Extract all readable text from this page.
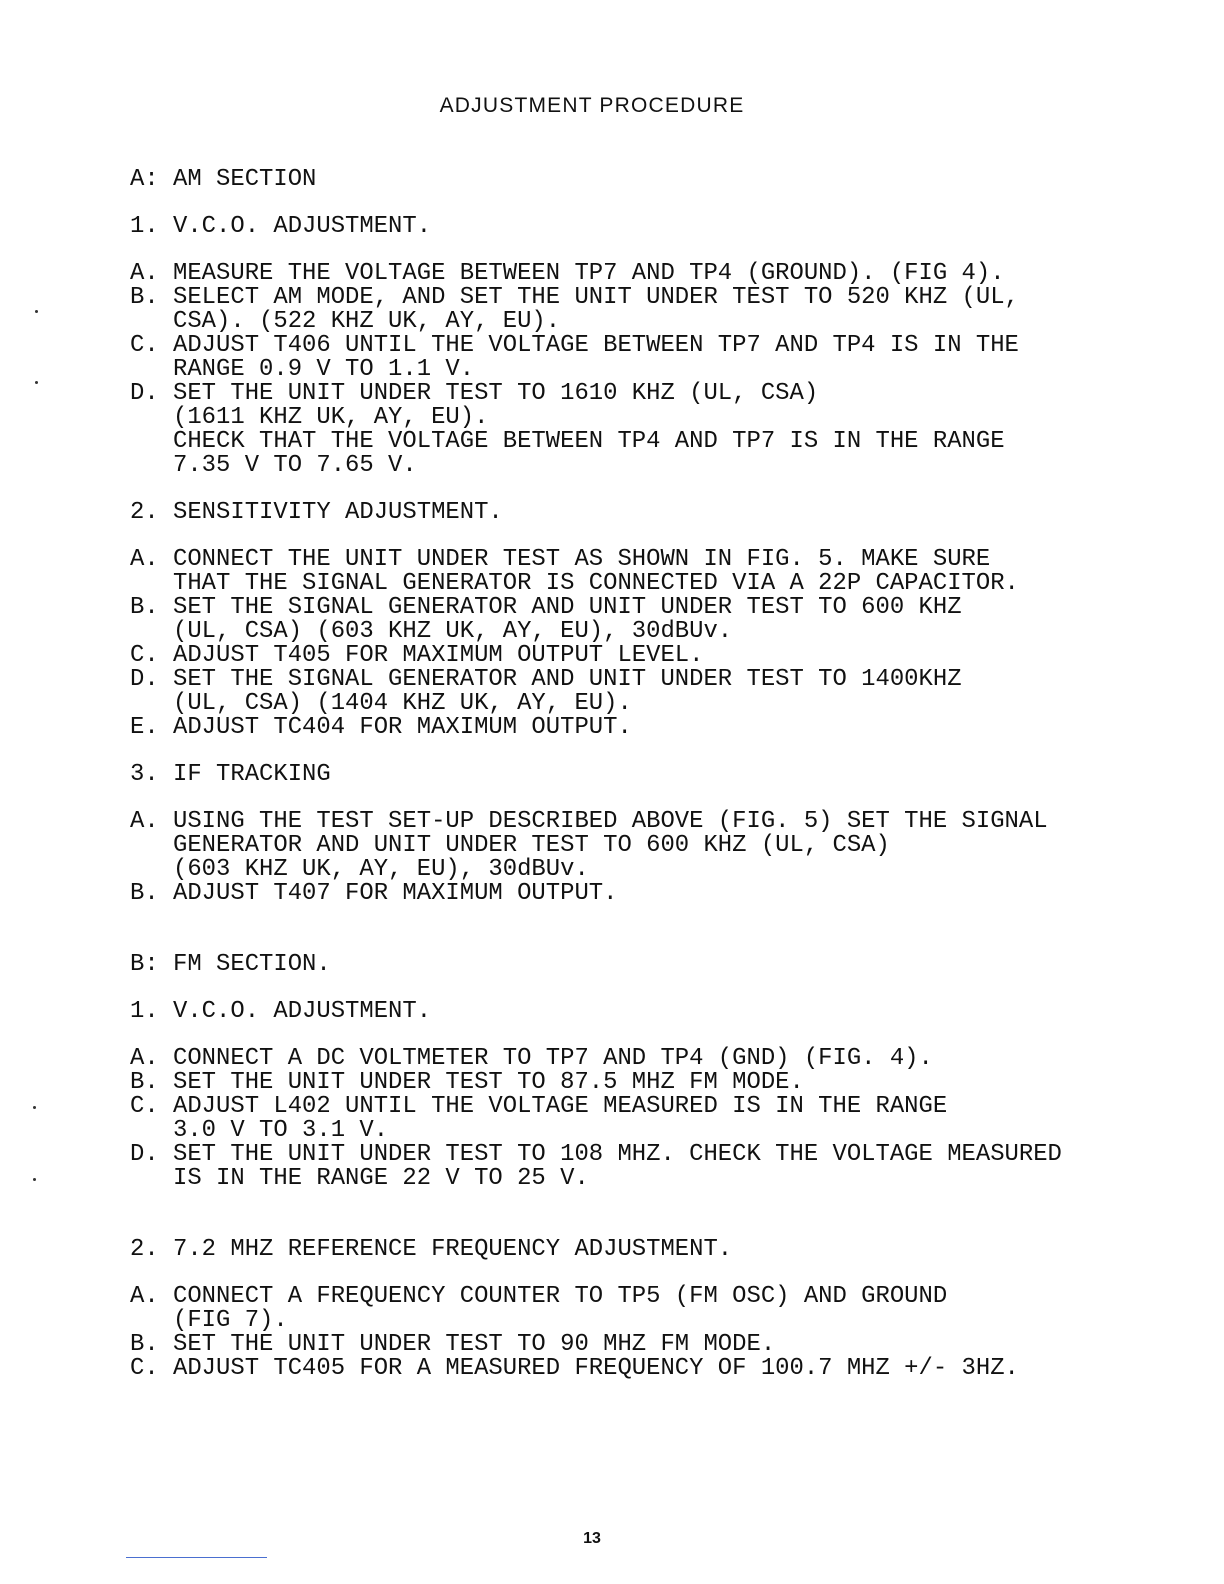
ADJUSTMENT PROCEDURE
A: AM SECTION
1. V.C.O. ADJUSTMENT.
A. MEASURE THE VOLTAGE BETWEEN TP7 AND TP4 (GROUND). (FIG 4).
B. SELECT AM MODE, AND SET THE UNIT UNDER TEST TO 520 KHZ (UL,
CSA). (522 KHZ UK, AY, EU).
C. ADJUST T406 UNTIL THE VOLTAGE BETWEEN TP7 AND TP4 IS IN THE
RANGE 0.9 V TO 1.1 V.
D. SET THE UNIT UNDER TEST TO 1610 KHZ (UL, CSA)
(1611 KHZ UK, AY, EU).
CHECK THAT THE VOLTAGE BETWEEN TP4 AND TP7 IS IN THE RANGE
7.35 V TO 7.65 V.
2. SENSITIVITY ADJUSTMENT.
A. CONNECT THE UNIT UNDER TEST AS SHOWN IN FIG. 5. MAKE SURE
THAT THE SIGNAL GENERATOR IS CONNECTED VIA A 22P CAPACITOR.
B. SET THE SIGNAL GENERATOR AND UNIT UNDER TEST TO 600 KHZ
(UL, CSA) (603 KHZ UK, AY, EU), 30dBUv.
C. ADJUST T405 FOR MAXIMUM OUTPUT LEVEL.
D. SET THE SIGNAL GENERATOR AND UNIT UNDER TEST TO 1400KHZ
(UL, CSA) (1404 KHZ UK, AY, EU).
E. ADJUST TC404 FOR MAXIMUM OUTPUT.
3. IF TRACKING
A. USING THE TEST SET-UP DESCRIBED ABOVE (FIG. 5) SET THE SIGNAL
GENERATOR AND UNIT UNDER TEST TO 600 KHZ (UL, CSA)
(603 KHZ UK, AY, EU), 30dBUv.
B. ADJUST T407 FOR MAXIMUM OUTPUT.
B: FM SECTION.
1. V.C.O. ADJUSTMENT.
A. CONNECT A DC VOLTMETER TO TP7 AND TP4 (GND) (FIG. 4).
B. SET THE UNIT UNDER TEST TO 87.5 MHZ FM MODE.
C. ADJUST L402 UNTIL THE VOLTAGE MEASURED IS IN THE RANGE
3.0 V TO 3.1 V.
D. SET THE UNIT UNDER TEST TO 108 MHZ. CHECK THE VOLTAGE MEASURED
IS IN THE RANGE 22 V TO 25 V.
2. 7.2 MHZ REFERENCE FREQUENCY ADJUSTMENT.
A. CONNECT A FREQUENCY COUNTER TO TP5 (FM OSC) AND GROUND
(FIG 7).
B. SET THE UNIT UNDER TEST TO 90 MHZ FM MODE.
C. ADJUST TC405 FOR A MEASURED FREQUENCY OF 100.7 MHZ +/- 3HZ.
13
